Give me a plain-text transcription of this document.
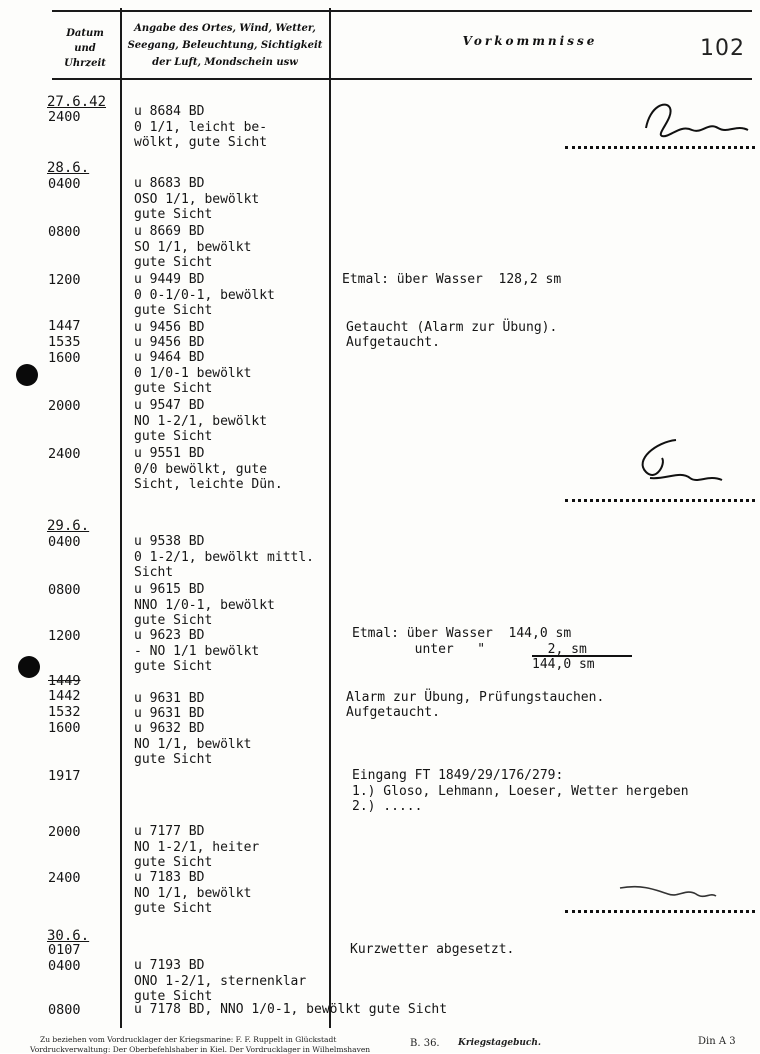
Datum
und
Uhrzeit
Angabe des Ortes, Wind, Wetter,
Seegang, Beleuchtung, Sichtigkeit
der Luft, Mondschein usw
Vorkommnisse	102
27.6.42
28.6.
29.6.
30.6.
2400
0400
0800
1200
1447
1535
1600
2000
2400
0400
0800
1200
1449
1442
1532
1600
1917
2000
2400
0107
0400
0800
u 8684 BD
0 1/1, leicht be-
wölkt, gute Sicht
u 8683 BD
OSO 1/1, bewölkt
gute Sicht
u 8669 BD
SO 1/1, bewölkt
gute Sicht
u 9449 BD
0 0-1/0-1, bewölkt
gute Sicht
u 9456 BD
u 9456 BD
u 9464 BD
0 1/0-1 bewölkt
gute Sicht
u 9547 BD
NO 1-2/1, bewölkt
gute Sicht
u 9551 BD
0/0 bewölkt, gute
Sicht, leichte Dün.
u 9538 BD
0 1-2/1, bewölkt mittl.
Sicht
u 9615 BD
NNO 1/0-1, bewölkt
gute Sicht
u 9623 BD
- NO 1/1 bewölkt
gute Sicht
u 9631 BD
u 9631 BD
u 9632 BD
NO 1/1, bewölkt
gute Sicht
u 7177 BD
NO 1-2/1, heiter
gute Sicht
u 7183 BD
NO 1/1, bewölkt
gute Sicht
u 7193 BD
ONO 1-2/1, sternenklar
gute Sicht
u 7178 BD, NNO 1/0-1, bewölkt gute Sicht
Etmal: über Wasser  128,2 sm
Getaucht (Alarm zur Übung).
Aufgetaucht.
Etmal: über Wasser  144,0 sm
unter   "        2, sm
144,0 sm
Alarm zur Übung, Prüfungstauchen.
Aufgetaucht.
Eingang FT 1849/29/176/279:
1.) Gloso, Lehmann, Loeser, Wetter hergeben
2.) .....
Kurzwetter abgesetzt.
Zu beziehen vom Vordrucklager der Kriegsmarine: F. F. Ruppelt in Glückstadt
Vordruckverwaltung: Der Oberbefehlshaber in Kiel. Der Vordrucklager in Wilhelmshaven
B. 36. Kriegstagebuch.	Din A 3
